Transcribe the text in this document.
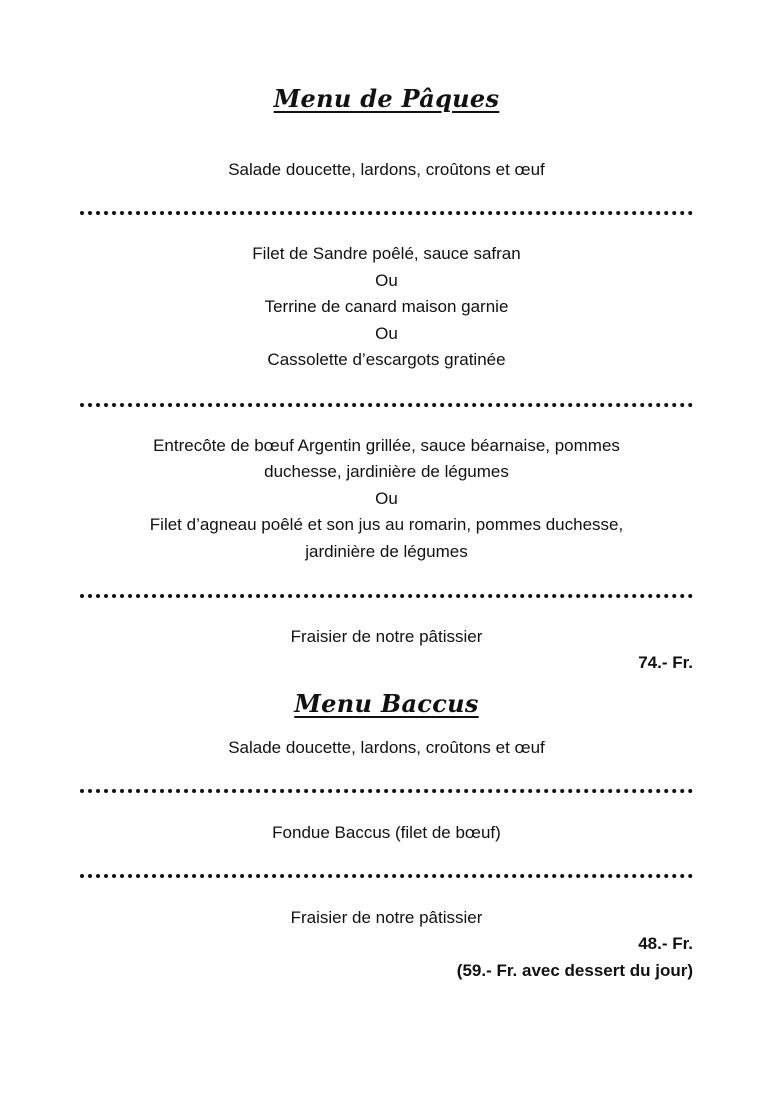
Menu de Pâques

Salade doucette, lardons, croûtons et œuf

Filet de Sandre poêlé, sauce safran

Ou

Terrine de canard maison garnie

Ou

Cassolette d’escargots gratinée

Entrecôte de bœuf Argentin grillée, sauce béarnaise, pommes

duchesse, jardinière de légumes

Ou

Filet d’agneau poêlé et son jus au romarin, pommes duchesse,

jardinière de légumes

Fraisier de notre pâtissier

74.- Fr.

Menu Baccus

Salade doucette, lardons, croûtons et œuf

Fondue Baccus (filet de bœuf)

Fraisier de notre pâtissier

48.- Fr.

(59.- Fr. avec dessert du jour)
